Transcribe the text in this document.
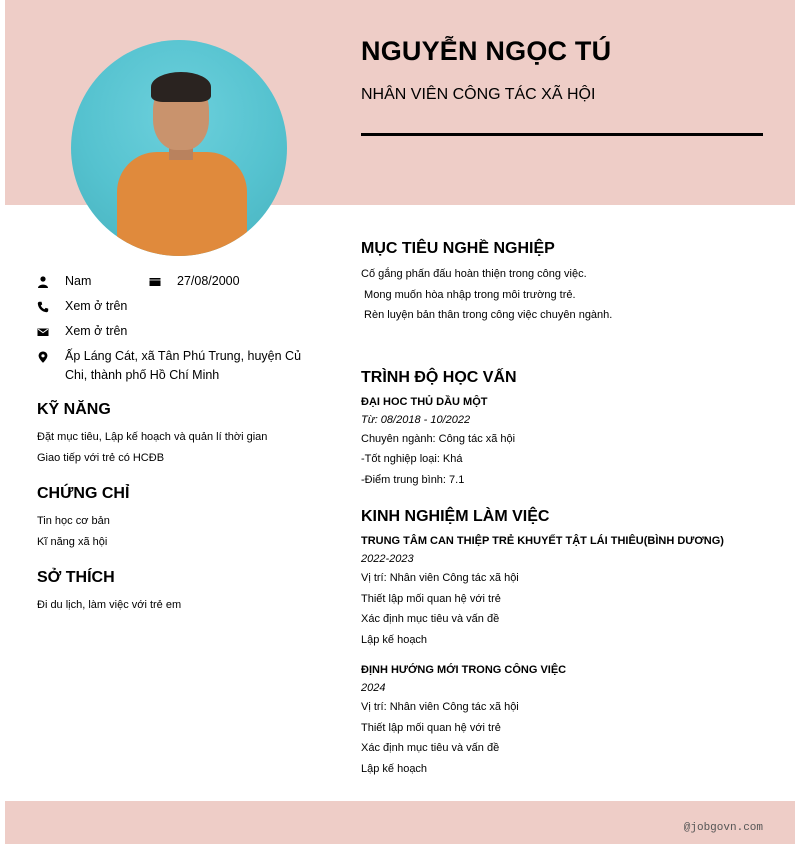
NGUYỄN NGỌC TÚ
NHÂN VIÊN CÔNG TÁC XÃ HỘI
Nam	27/08/2000
Xem ở trên
Xem ở trên
Ấp Láng Cát, xã Tân Phú Trung, huyện Củ Chi, thành phố Hồ Chí Minh
KỸ NĂNG
Đặt mục tiêu, Lập kế hoạch và quản lí thời gian
Giao tiếp với trẻ có HCĐB
CHỨNG CHỈ
Tin học cơ bản
Kĩ năng xã hội
SỞ THÍCH
Đi du lịch, làm việc với trẻ em
MỤC TIÊU NGHỀ NGHIỆP
Cố gắng phấn đấu hoàn thiện trong công việc.
Mong muốn hòa nhập trong môi trường trẻ.
Rèn luyện bản thân trong công việc chuyên ngành.
TRÌNH ĐỘ HỌC VẤN
ĐẠI HOC THỦ DẦU MỘT
Từ: 08/2018 - 10/2022
Chuyên ngành: Công tác xã hội
-Tốt nghiệp loại: Khá
-Điểm trung bình: 7.1
KINH NGHIỆM LÀM VIỆC
TRUNG TÂM CAN THIỆP TRẺ KHUYẾT TẬT LÁI THIÊU(BÌNH DƯƠNG)
2022-2023
Vị trí: Nhân viên Công tác xã hội
Thiết lập mối quan hệ với trẻ
Xác định mục tiêu và vấn đề
Lập kế hoạch
ĐỊNH HƯỚNG MỚI TRONG CÔNG VIỆC
2024
Vị trí: Nhân viên Công tác xã hội
Thiết lập mối quan hệ với trẻ
Xác định mục tiêu và vấn đề
Lập kế hoạch
@jobgovn.com
